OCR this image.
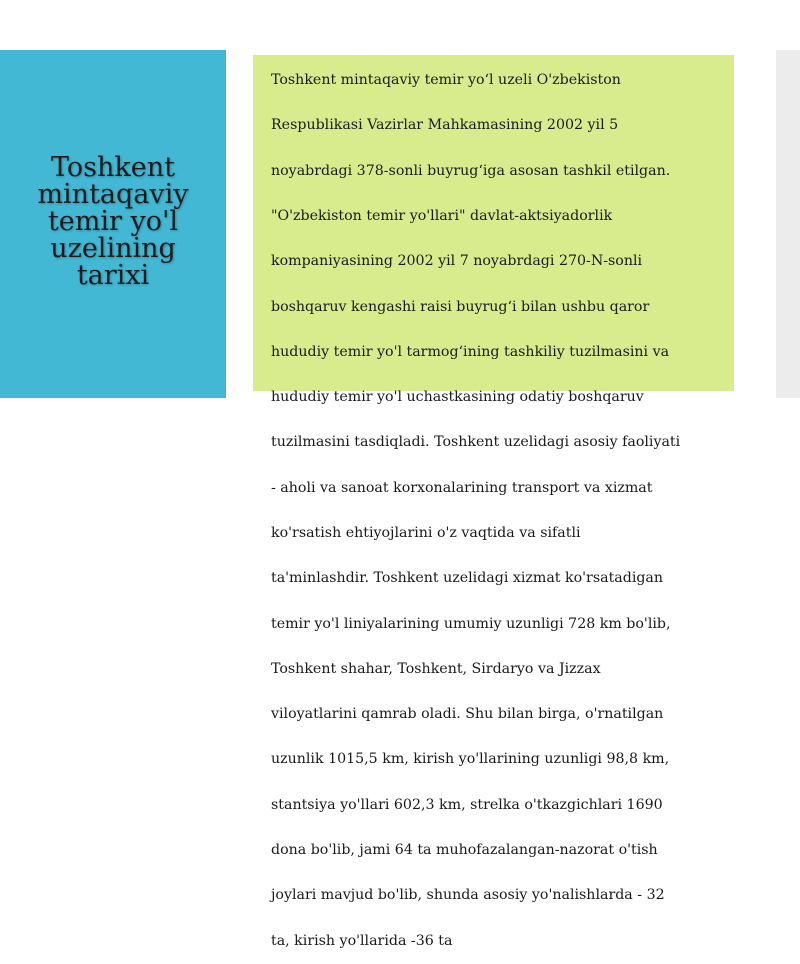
Toshkent
mintaqaviy
temir yo'l
uzelining
tarixi

Toshkent mintaqaviy temir yo‘l uzeli O'zbekiston

Respublikasi Vazirlar Mahkamasining 2002 yil 5

noyabrdagi 378-sonli buyrug‘iga asosan tashkil etilgan.

"O'zbekiston temir yo'llari" davlat-aktsiyadorlik

kompaniyasining 2002 yil 7 noyabrdagi 270-N-sonli

boshqaruv kengashi raisi buyrug‘i bilan ushbu qaror

hududiy temir yo'l tarmog‘ining tashkiliy tuzilmasini va

hududiy temir yo'l uchastkasining odatiy boshqaruv

tuzilmasini tasdiqladi. Toshkent uzelidagi asosiy faoliyati

- aholi va sanoat korxonalarining transport va xizmat

ko'rsatish ehtiyojlarini o'z vaqtida va sifatli

ta'minlashdir. Toshkent uzelidagi xizmat ko'rsatadigan

temir yo'l liniyalarining umumiy uzunligi 728 km bo'lib,

Toshkent shahar, Toshkent, Sirdaryo va Jizzax

viloyatlarini qamrab oladi. Shu bilan birga, o'rnatilgan

uzunlik 1015,5 km, kirish yo'llarining uzunligi 98,8 km,

stantsiya yo'llari 602,3 km, strelka o'tkazgichlari 1690

dona bo'lib, jami 64 ta muhofazalangan-nazorat o'tish

joylari mavjud bo'lib, shunda asosiy yo'nalishlarda - 32

ta, kirish yo'llarida -36 ta
